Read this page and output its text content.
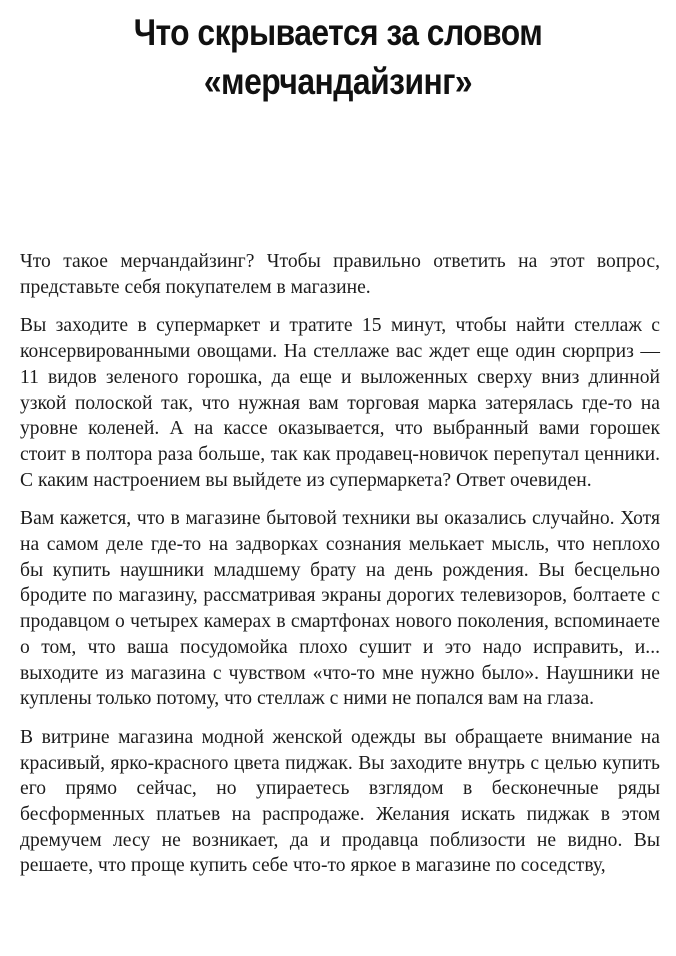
Что скрывается за словом
«мерчандайзинг»

Что такое мерчандайзинг? Чтобы правильно ответить на этот вопрос, представьте себя покупателем в магазине.

Вы заходите в супермаркет и тратите 15 минут, чтобы найти стеллаж с консервированными овощами. На стеллаже вас ждет еще один сюрприз — 11 видов зеленого горошка, да еще и выложенных сверху вниз длинной узкой полоской так, что нужная вам торговая марка затерялась где-то на уровне коленей. А на кассе оказывается, что выбранный вами горошек стоит в полтора раза больше, так как продавец-новичок перепутал ценники. С каким настроением вы выйдете из супермаркета? Ответ очевиден.

Вам кажется, что в магазине бытовой техники вы оказались случайно. Хотя на самом деле где-то на задворках сознания мелькает мысль, что неплохо бы купить наушники младшему брату на день рождения. Вы бесцельно бродите по магазину, рассматривая экраны дорогих телевизоров, болтаете с продавцом о четырех камерах в смартфонах нового поколения, вспоминаете о том, что ваша посудомойка плохо сушит и это надо исправить, и... выходите из магазина с чувством «что-то мне нужно было». Наушники не куплены только потому, что стеллаж с ними не попался вам на глаза.

В витрине магазина модной женской одежды вы обращаете внимание на красивый, ярко-красного цвета пиджак. Вы заходите внутрь с целью купить его прямо сейчас, но упираетесь взглядом в бесконечные ряды бесформенных платьев на распродаже. Желания искать пиджак в этом дремучем лесу не возникает, да и продавца поблизости не видно. Вы решаете, что проще купить себе что-то яркое в магазине по соседству,
